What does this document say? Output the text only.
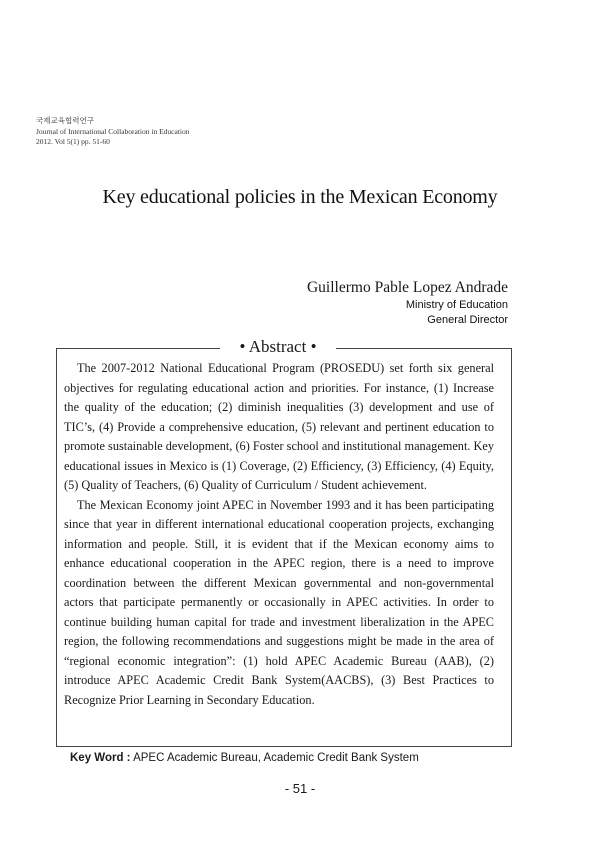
국제교육협력연구
Journal of International Collaboration in Education
2012. Vol 5(1) pp. 51-60
Key educational policies in the Mexican Economy
Guillermo Pable Lopez Andrade
Ministry of Education
General Director
• Abstract •

The 2007-2012 National Educational Program (PROSEDU) set forth six general objectives for regulating educational action and priorities. For instance, (1) Increase the quality of the education; (2) diminish inequalities (3) development and use of TIC’s, (4) Provide a comprehensive education, (5) relevant and pertinent education to promote sustainable development, (6) Foster school and institutional management. Key educational issues in Mexico is (1) Coverage, (2) Efficiency, (3) Efficiency, (4) Equity, (5) Quality of Teachers, (6) Quality of Curriculum / Student achievement.

The Mexican Economy joint APEC in November 1993 and it has been participating since that year in different international educational cooperation projects, exchanging information and people. Still, it is evident that if the Mexican economy aims to enhance educational cooperation in the APEC region, there is a need to improve coordination between the different Mexican governmental and non-governmental actors that participate permanently or occasionally in APEC activities. In order to continue building human capital for trade and investment liberalization in the APEC region, the following recommendations and suggestions might be made in the area of “regional economic integration”: (1) hold APEC Academic Bureau (AAB), (2) introduce APEC Academic Credit Bank System(AACBS), (3) Best Practices to Recognize Prior Learning in Secondary Education.

Key Word : APEC Academic Bureau, Academic Credit Bank System
- 51 -
